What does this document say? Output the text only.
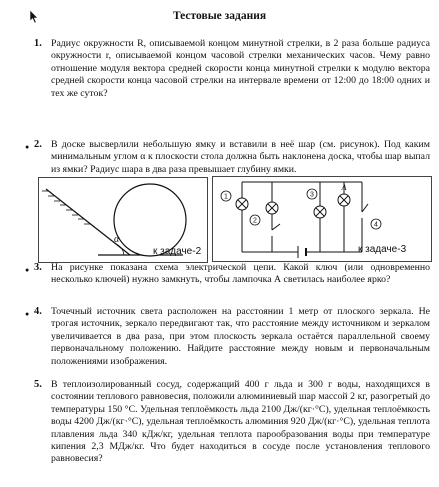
Тестовые задания
1. Радиус окружности R, описываемой концом минутной стрелки, в 2 раза больше радиуса окружности r, описываемой концом часовой стрелки механических часов. Чему равно отношение модуля вектора средней скорости конца минутной стрелки к модулю вектора средней скорости конца часовой стрелки на интервале времени от 12:00 до 18:00 одних и тех же суток?
● 2. В доске высверлили небольшую ямку и вставили в неё шар (см. рисунок). Под каким минимальным углом α к плоскости стола должна быть наклонена доска, чтобы шар выпал из ямки? Радиус шара в два раза превышает глубину ямки.
α
к задаче-2
1
2
3
4
A
к задаче-3
● 3. На рисунке показана схема электрической цепи. Какой ключ (или одновременно несколько ключей) нужно замкнуть, чтобы лампочка А светилась наиболее ярко?
● 4. Точечный источник света расположен на расстоянии 1 метр от плоского зеркала. Не трогая источник, зеркало передвигают так, что расстояние между источником и зеркалом увеличивается в два раза, при этом плоскость зеркала остаётся параллельной своему первоначальному положению. Найдите расстояние между новым и первоначальным положениями изображения.
5. В теплоизолированный сосуд, содержащий 400 г льда и 300 г воды, находящихся в состоянии теплового равновесия, положили алюминиевый шар массой 2 кг, разогретый до температуры 150 °С. Удельная теплоёмкость льда 2100 Дж/(кг·°С), удельная теплоёмкость воды 4200 Дж/(кг·°С), удельная теплоёмкость алюминия 920 Дж/(кг·°С), удельная теплота плавления льда 340 кДж/кг, удельная теплота парообразования воды при температуре кипения 2,3 МДж/кг. Что будет находиться в сосуде после установления теплового равновесия?
